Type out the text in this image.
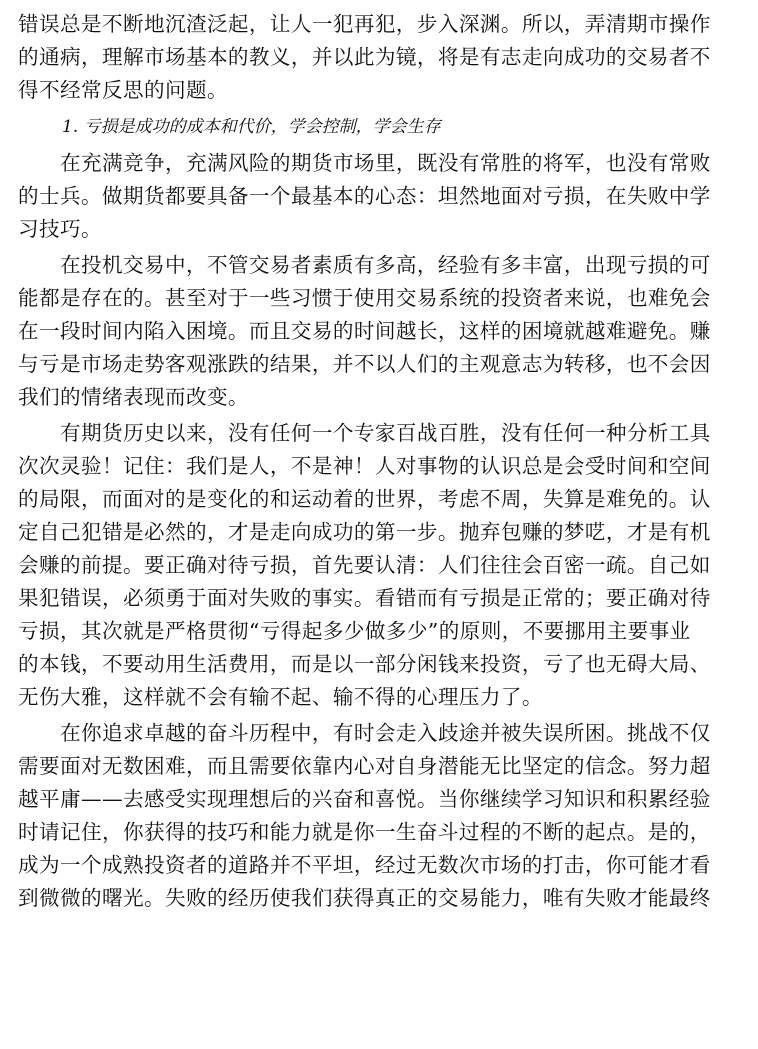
错误总是不断地沉渣泛起，让人一犯再犯，步入深渊。所以，弄清期市操作
的通病，理解市场基本的教义，并以此为镜，将是有志走向成功的交易者不
得不经常反思的问题。
1. 亏损是成功的成本和代价，学会控制，学会生存
　　在充满竞争，充满风险的期货市场里，既没有常胜的将军，也没有常败
的士兵。做期货都要具备一个最基本的心态：坦然地面对亏损，在失败中学
习技巧。
　　在投机交易中，不管交易者素质有多高，经验有多丰富，出现亏损的可
能都是存在的。甚至对于一些习惯于使用交易系统的投资者来说，也难免会
在一段时间内陷入困境。而且交易的时间越长，这样的困境就越难避免。赚
与亏是市场走势客观涨跌的结果，并不以人们的主观意志为转移，也不会因
我们的情绪表现而改变。
　　有期货历史以来，没有任何一个专家百战百胜，没有任何一种分析工具
次次灵验！记住：我们是人，不是神！人对事物的认识总是会受时间和空间
的局限，而面对的是变化的和运动着的世界，考虑不周，失算是难免的。认
定自己犯错是必然的，才是走向成功的第一步。抛弃包赚的梦呓，才是有机
会赚的前提。要正确对待亏损，首先要认清：人们往往会百密一疏。自己如
果犯错误，必须勇于面对失败的事实。看错而有亏损是正常的；要正确对待
亏损，其次就是严格贯彻“亏得起多少做多少”的原则，不要挪用主要事业
的本钱，不要动用生活费用，而是以一部分闲钱来投资，亏了也无碍大局、
无伤大雅，这样就不会有输不起、输不得的心理压力了。
　　在你追求卓越的奋斗历程中，有时会走入歧途并被失误所困。挑战不仅
需要面对无数困难，而且需要依靠内心对自身潜能无比坚定的信念。努力超
越平庸——去感受实现理想后的兴奋和喜悦。当你继续学习知识和积累经验
时请记住，你获得的技巧和能力就是你一生奋斗过程的不断的起点。是的，
成为一个成熟投资者的道路并不平坦，经过无数次市场的打击，你可能才看
到微微的曙光。失败的经历使我们获得真正的交易能力，唯有失败才能最终
